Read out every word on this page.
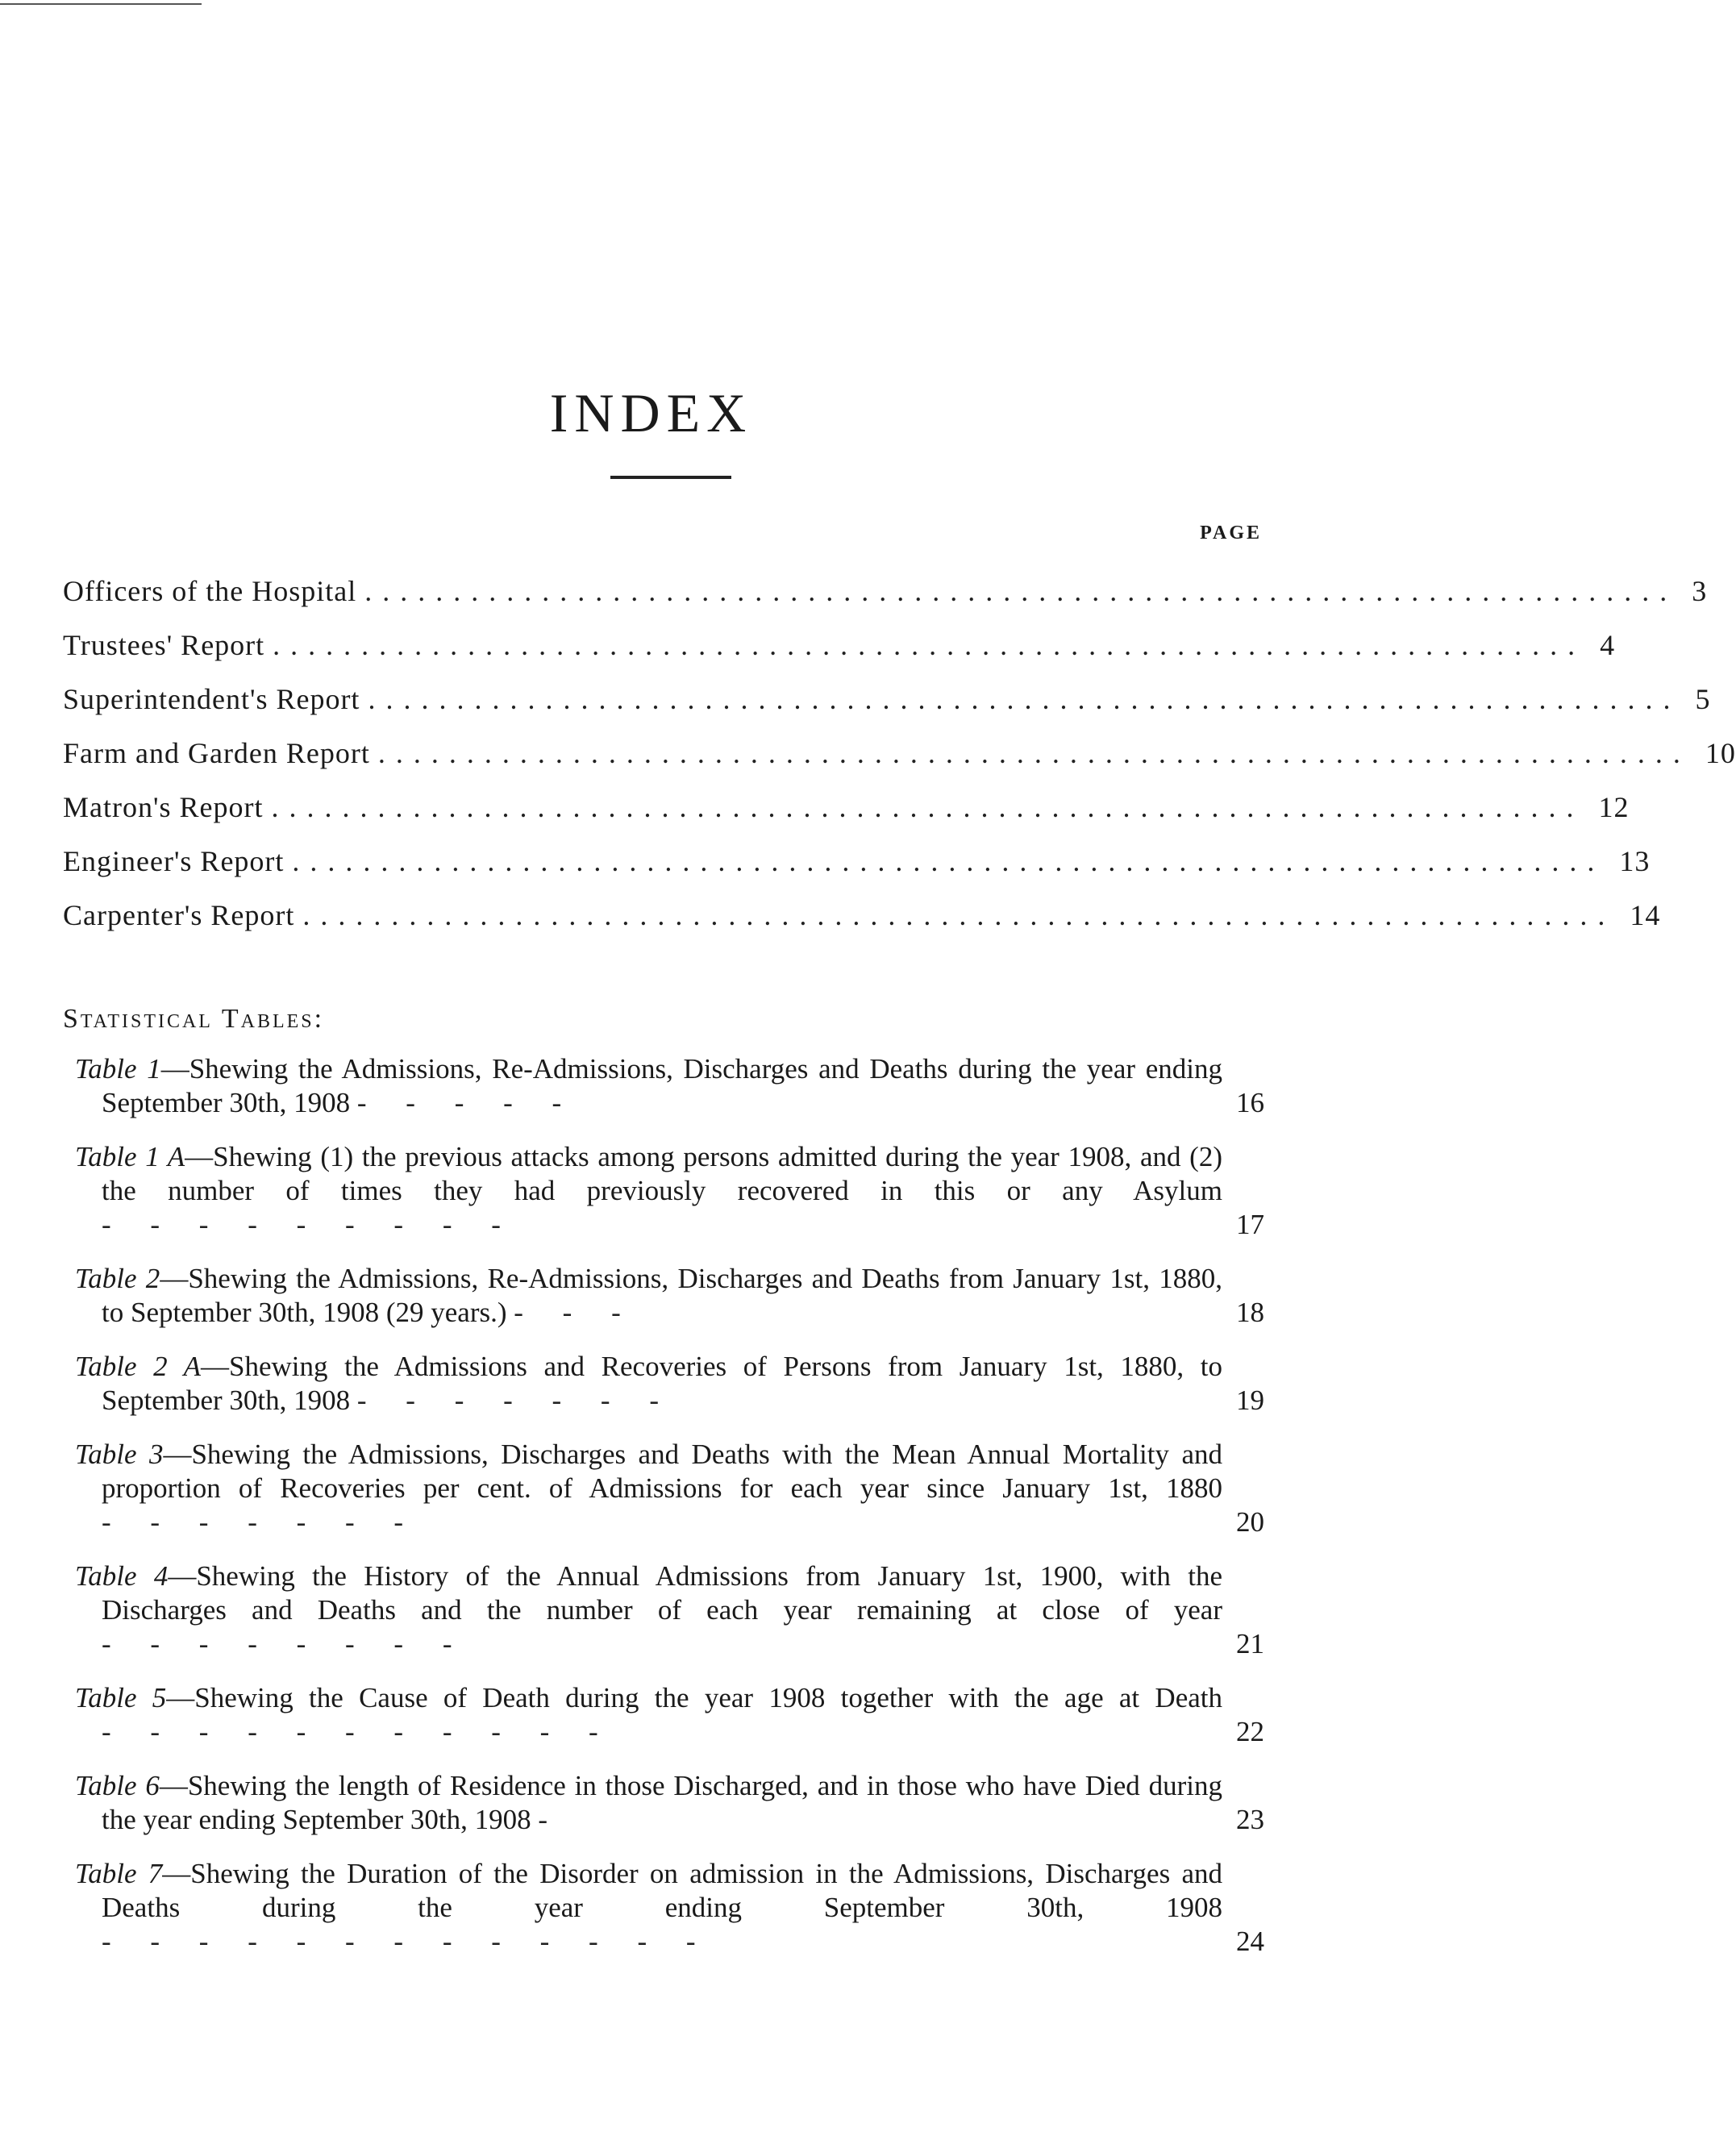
INDEX
PAGE
Officers of the Hospital .......................................................................... 3
Trustees' Report .......................................................................... 4
Superintendent's Report .......................................................................... 5
Farm and Garden Report .......................................................................... 10
Matron's Report .......................................................................... 12
Engineer's Report .......................................................................... 13
Carpenter's Report .......................................................................... 14
Statistical Tables:
Table 1—Shewing the Admissions, Re-Admissions, Discharges and Deaths during the year ending September 30th, 1908 - - - - -	16
Table 1 A—Shewing (1) the previous attacks among persons admitted during the year 1908, and (2) the number of times they had previously recovered in this or any Asylum - - - - - - - - -	17
Table 2—Shewing the Admissions, Re-Admissions, Discharges and Deaths from January 1st, 1880, to September 30th, 1908 (29 years.) - - -	18
Table 2 A—Shewing the Admissions and Recoveries of Persons from January 1st, 1880, to September 30th, 1908 - - - - - - -	19
Table 3—Shewing the Admissions, Discharges and Deaths with the Mean Annual Mortality and proportion of Recoveries per cent. of Admissions for each year since January 1st, 1880 - - - - - - -	20
Table 4—Shewing the History of the Annual Admissions from January 1st, 1900, with the Discharges and Deaths and the number of each year remaining at close of year - - - - - - - -	21
Table 5—Shewing the Cause of Death during the year 1908 together with the age at Death - - - - - - - - - - -	22
Table 6—Shewing the length of Residence in those Discharged, and in those who have Died during the year ending September 30th, 1908 -	23
Table 7—Shewing the Duration of the Disorder on admission in the Admissions, Discharges and Deaths during the year ending September 30th, 1908 - - - - - - - - - - - - -	24
